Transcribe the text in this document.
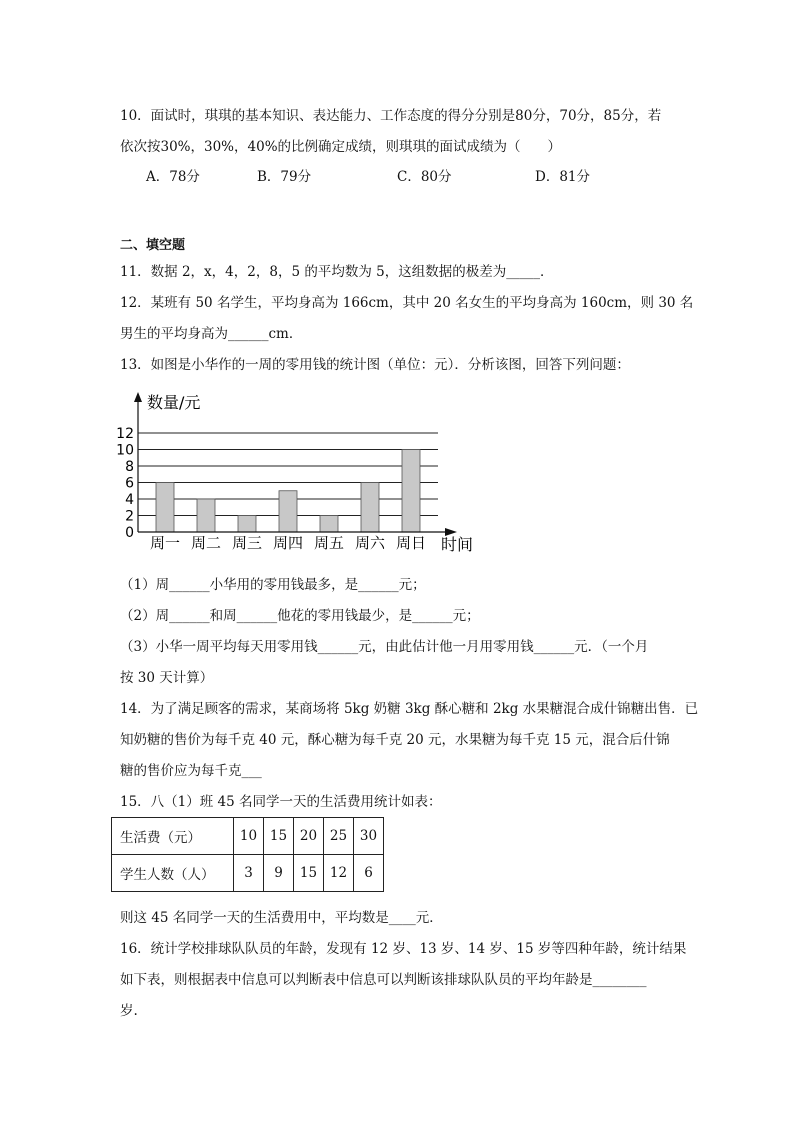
10．面试时，琪琪的基本知识、表达能力、工作态度的得分分别是80分，70分，85分，若
依次按30%，30%，40%的比例确定成绩，则琪琪的面试成绩为（　　）
A．78分	B．79分	C．80分	D．81分
二、填空题
11．数据 2，x，4，2，8，5 的平均数为 5，这组数据的极差为_____．
12．某班有 50 名学生，平均身高为 166cm，其中 20 名女生的平均身高为 160cm，则 30 名
男生的平均身高为______cm．
13．如图是小华作的一周的零用钱的统计图（单位：元）．分析该图，回答下列问题：
数量/元
0
2
4
6
8
10
12
周一 周二 周三 周四 周五 周六 周日 时间
（1）周______小华用的零用钱最多，是______元；
（2）周______和周______他花的零用钱最少，是______元；
（3）小华一周平均每天用零用钱______元，由此估计他一月用零用钱______元．（一个月
按 30 天计算）
14．为了满足顾客的需求，某商场将 5kg 奶糖 3kg 酥心糖和 2kg 水果糖混合成什锦糖出售．已
知奶糖的售价为每千克 40 元，酥心糖为每千克 20 元，水果糖为每千克 15 元，混合后什锦
糖的售价应为每千克___
15．八（1）班 45 名同学一天的生活费用统计如表：
生活费（元）	10	15	20	25	30
学生人数（人）	3	9	15	12	6
则这 45 名同学一天的生活费用中，平均数是____元．
16．统计学校排球队队员的年龄，发现有 12 岁、13 岁、14 岁、15 岁等四种年龄，统计结果
如下表，则根据表中信息可以判断表中信息可以判断该排球队队员的平均年龄是________
岁.
